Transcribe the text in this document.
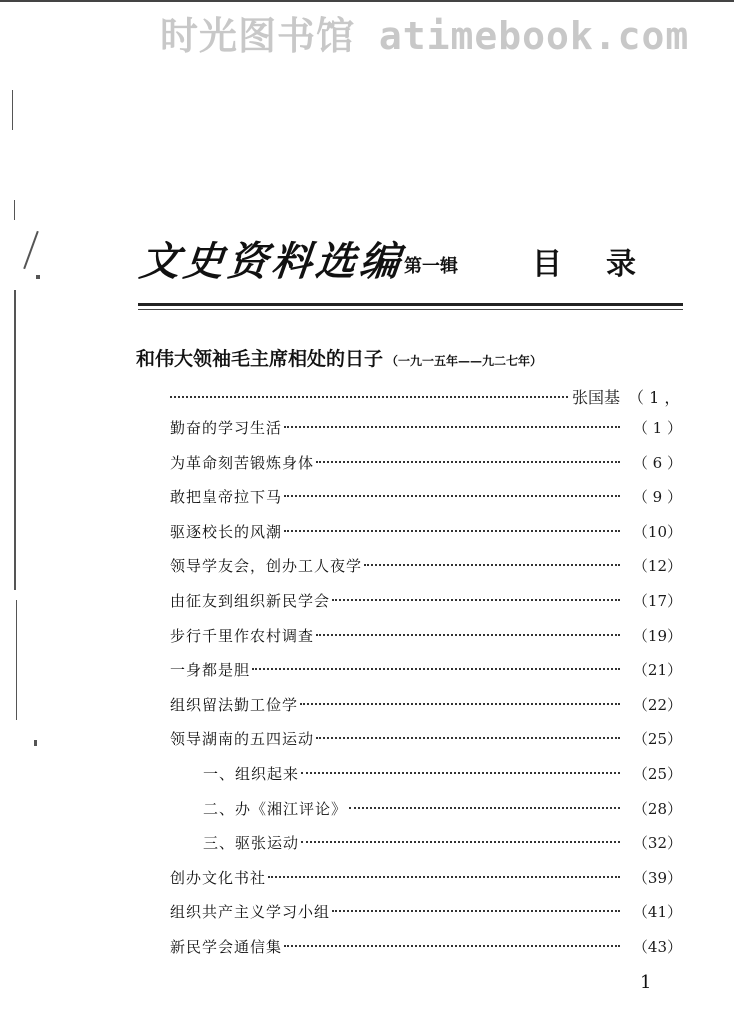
时光图书馆 atimebook.com
文史资料选编
第一辑 目录
和伟大领袖毛主席相处的日子 （一九一五年——九二七年）
张国基 （ 1 ，
勤奋的学习生活	（ 1 ）
为革命刻苦锻炼身体	（ 6 ）
敢把皇帝拉下马	（ 9 ）
驱逐校长的风潮	（10）
领导学友会，创办工人夜学	（12）
由征友到组织新民学会	（17）
步行千里作农村调查	（19）
一身都是胆	（21）
组织留法勤工俭学	（22）
领导湖南的五四运动	（25）
一、组织起来	（25）
二、办《湘江评论》	（28）
三、驱张运动	（32）
创办文化书社	（39）
组织共产主义学习小组	（41）
新民学会通信集	（43）
1
